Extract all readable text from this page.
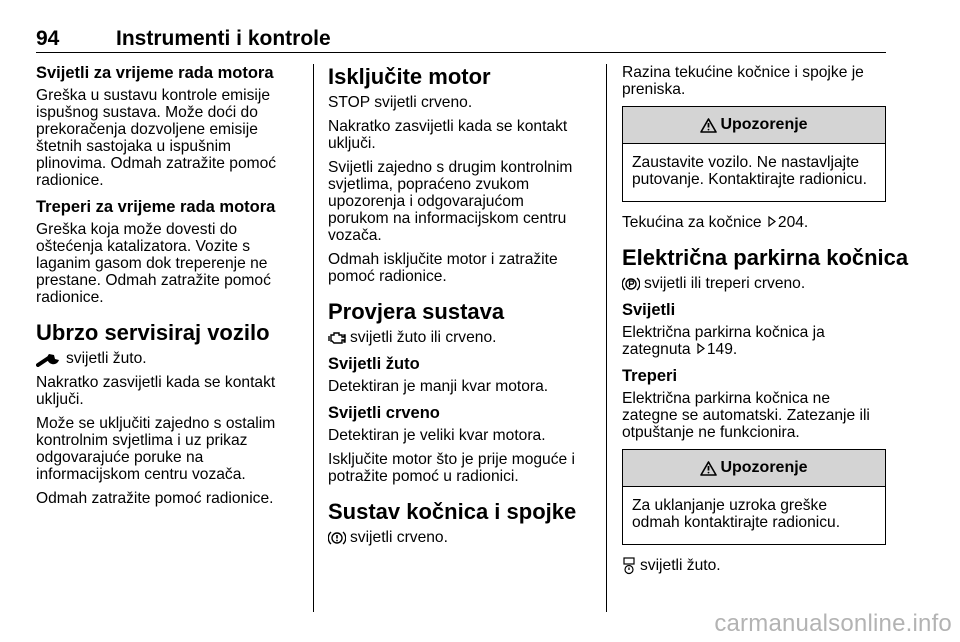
94	Instrumenti i kontrole
Svijetli za vrijeme rada motora
Greška u sustavu kontrole emisije
ispušnog sustava. Može doći do
prekoračenja dozvoljene emisije
štetnih sastojaka u ispušnim
plinovima. Odmah zatražite pomoć
radionice.
Treperi za vrijeme rada motora
Greška koja može dovesti do
oštećenja katalizatora. Vozite s
laganim gasom dok treperenje ne
prestane. Odmah zatražite pomoć
radionice.
Ubrzo servisiraj vozilo
svijetli žuto.
Nakratko zasvijetli kada se kontakt
uključi.
Može se uključiti zajedno s ostalim
kontrolnim svjetlima i uz prikaz
odgovarajuće poruke na
informacijskom centru vozača.
Odmah zatražite pomoć radionice.
Isključite motor
STOP svijetli crveno.
Nakratko zasvijetli kada se kontakt
uključi.
Svijetli zajedno s drugim kontrolnim
svjetlima, popraćeno zvukom
upozorenja i odgovarajućom
porukom na informacijskom centru
vozača.
Odmah isključite motor i zatražite
pomoć radionice.
Provjera sustava
svijetli žuto ili crveno.
Svijetli žuto
Detektiran je manji kvar motora.
Svijetli crveno
Detektiran je veliki kvar motora.
Isključite motor što je prije moguće i
potražite pomoć u radionici.
Sustav kočnica i spojke
svijetli crveno.
Razina tekućine kočnice i spojke je
preniska.
Upozorenje
Zaustavite vozilo. Ne nastavljajte
putovanje. Kontaktirajte radionicu.
Tekućina za kočnice 204.
Električna parkirna kočnica
svijetli ili treperi crveno.
Svijetli
Električna parkirna kočnica ja
zategnuta 149.
Treperi
Električna parkirna kočnica ne
zategne se automatski. Zatezanje ili
otpuštanje ne funkcionira.
Upozorenje
Za uklanjanje uzroka greške
odmah kontaktirajte radionicu.
svijetli žuto.
carmanualsonline.info
